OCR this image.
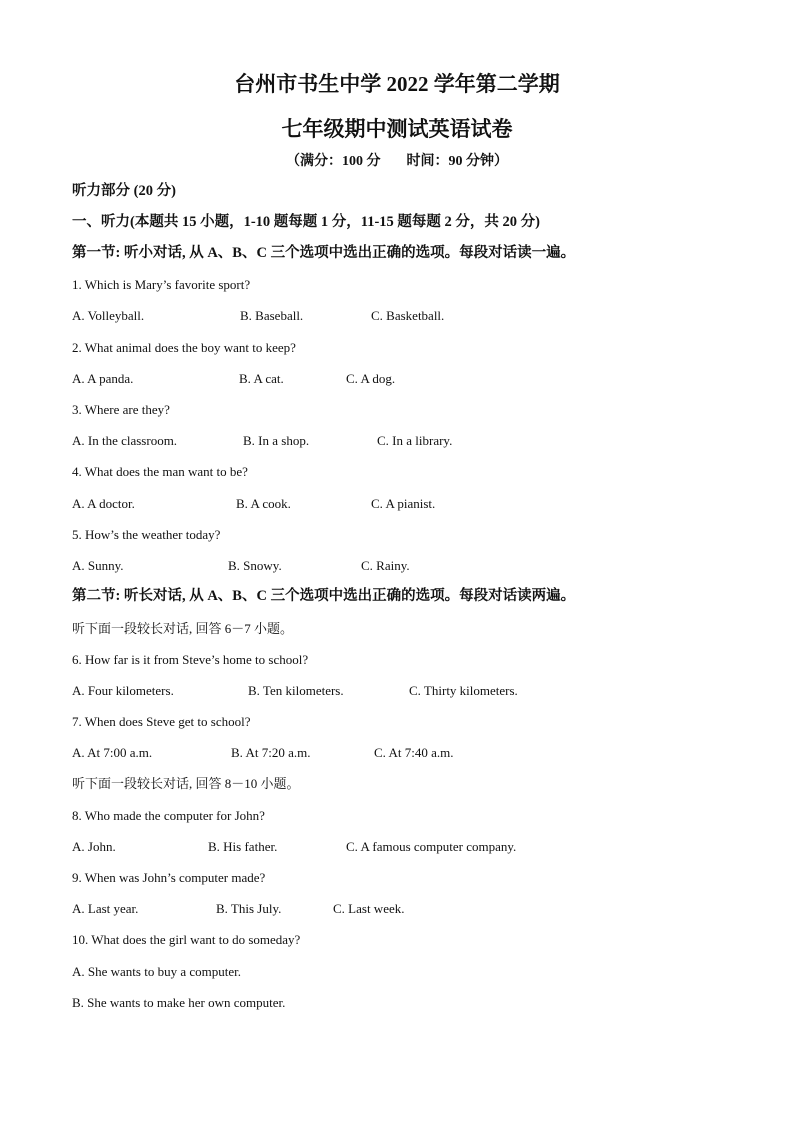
台州市书生中学 2022 学年第二学期
七年级期中测试英语试卷
（满分：100 分 时间：90 分钟）
听力部分 (20 分)
一、听力(本题共 15 小题，1-10 题每题 1 分，11-15 题每题 2 分，共 20 分)
第一节: 听小对话, 从 A、B、C 三个选项中选出正确的选项。每段对话读一遍。
1. Which is Mary’s favorite sport?
A. Volleyball.	B. Baseball.	C. Basketball.
2. What animal does the boy want to keep?
A. A panda.	B. A cat.	C. A dog.
3. Where are they?
A. In the classroom.	B. In a shop.	C. In a library.
4. What does the man want to be?
A. A doctor.	B. A cook.	C. A pianist.
5. How’s the weather today?
A. Sunny.	B. Snowy.	C. Rainy.
第二节: 听长对话, 从 A、B、C 三个选项中选出正确的选项。每段对话读两遍。
听下面一段较长对话, 回答 6－7 小题。
6. How far is it from Steve’s home to school?
A. Four kilometers.	B. Ten kilometers.	C. Thirty kilometers.
7. When does Steve get to school?
A. At 7:00 a.m.	B. At 7:20 a.m.	C. At 7:40 a.m.
听下面一段较长对话, 回答 8－10 小题。
8. Who made the computer for John?
A. John.	B. His father.	C. A famous computer company.
9. When was John’s computer made?
A. Last year.	B. This July.	C. Last week.
10. What does the girl want to do someday?
A. She wants to buy a computer.
B. She wants to make her own computer.
